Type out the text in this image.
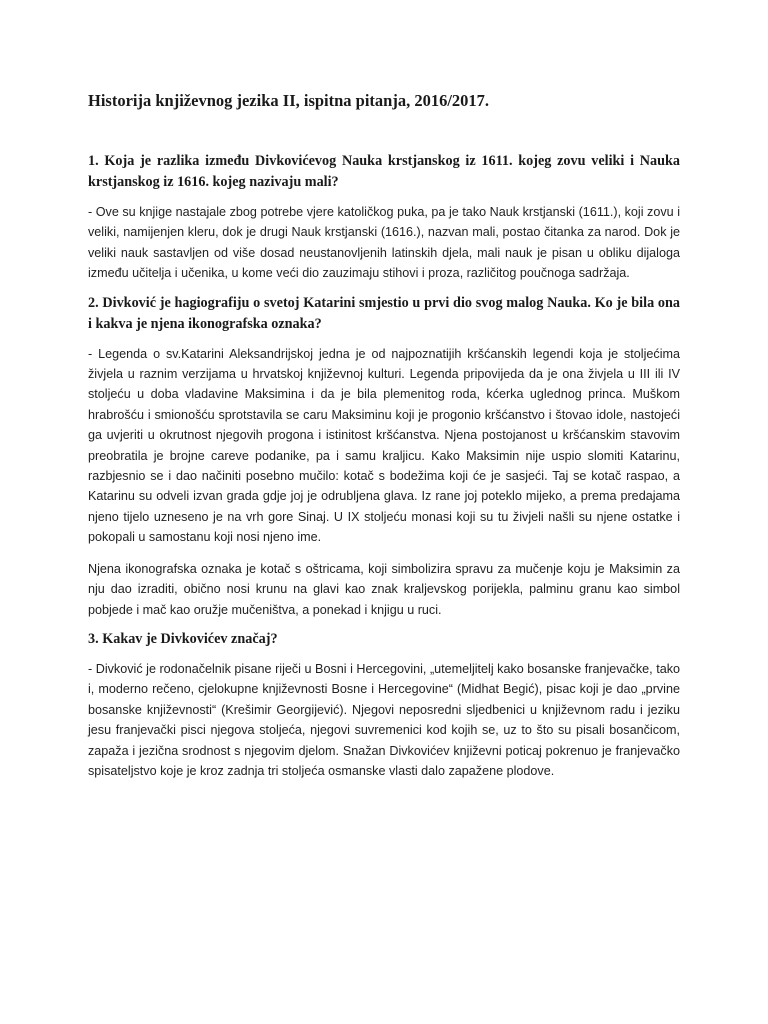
Historija književnog jezika II, ispitna pitanja, 2016/2017.

1. Koja je razlika između Divkovićevog Nauka krstjanskog iz 1611. kojeg zovu veliki i Nauka krstjanskog iz 1616. kojeg nazivaju mali?

- Ove su knjige nastajale zbog potrebe vjere katoličkog puka, pa je tako Nauk krstjanski (1611.), koji zovu i veliki, namijenjen kleru, dok je drugi Nauk krstjanski (1616.), nazvan mali, postao čitanka za narod. Dok je veliki nauk sastavljen od više dosad neustanovljenih latinskih djela, mali nauk je pisan u obliku dijaloga između učitelja i učenika, u kome veći dio zauzimaju stihovi i proza, različitog poučnoga sadržaja.

2. Divković je hagiografiju o svetoj Katarini smjestio u prvi dio svog malog Nauka. Ko je bila ona i kakva je njena ikonografska oznaka?

- Legenda o sv.Katarini Aleksandrijskoj jedna je od najpoznatijih kršćanskih legendi koja je stoljećima živjela u raznim verzijama u hrvatskoj književnoj kulturi. Legenda pripovijeda da je ona živjela u III ili IV stoljeću u doba vladavine Maksimina i da je bila plemenitog roda, kćerka uglednog princa. Muškom hrabrošću i smionošću sprotstavila se caru Maksiminu koji je progonio kršćanstvo i štovao idole, nastojeći ga uvjeriti u okrutnost njegovih progona i istinitost kršćanstva. Njena postojanost u kršćanskim stavovim preobratila je brojne careve podanike, pa i samu kraljicu. Kako Maksimin nije uspio slomiti Katarinu, razbjesnio se i dao načiniti posebno mučilo: kotač s bodežima koji će je sasjeći. Taj se kotač raspao, a Katarinu su odveli izvan grada gdje joj je odrubljena glava. Iz rane joj poteklo mijeko, a prema predajama njeno tijelo uzneseno je na vrh gore Sinaj. U IX stoljeću monasi koji su tu živjeli našli su njene ostatke i pokopali u samostanu koji nosi njeno ime.

Njena ikonografska oznaka je kotač s oštricama, koji simbolizira spravu za mučenje koju je Maksimin za nju dao izraditi, obično nosi krunu na glavi kao znak kraljevskog porijekla, palminu granu kao simbol pobjede i mač kao oružje mučeništva, a ponekad i knjigu u ruci.

3. Kakav je Divkovićev značaj?

- Divković je rodonačelnik pisane riječi u Bosni i Hercegovini, „utemeljitelj kako bosanske franjevačke, tako i, moderno rečeno, cjelokupne književnosti Bosne i Hercegovine“ (Midhat Begić), pisac koji je dao „prvine bosanske književnosti“ (Krešimir Georgijević). Njegovi neposredni sljedbenici u književnom radu i jeziku jesu franjevački pisci njegova stoljeća, njegovi suvremenici kod kojih se, uz to što su pisali bosančicom, zapaža i jezična srodnost s njegovim djelom. Snažan Divkovićev književni poticaj pokrenuo je franjevačko spisateljstvo koje je kroz zadnja tri stoljeća osmanske vlasti dalo zapažene plodove.
